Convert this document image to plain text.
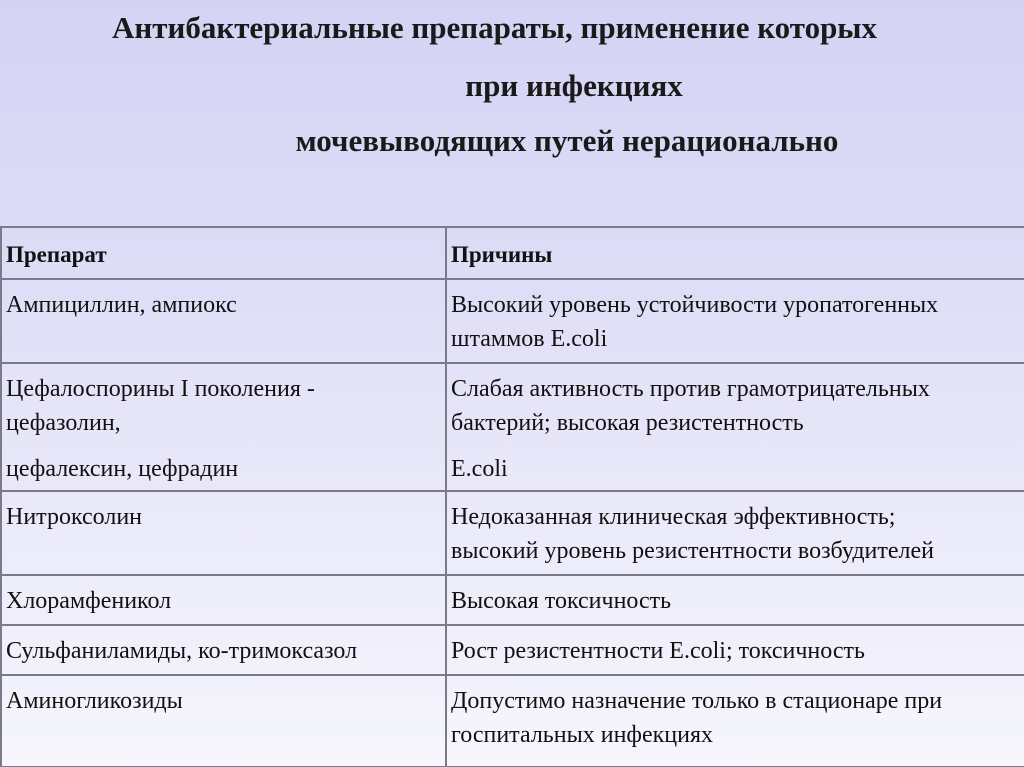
Антибактериальные препараты, применение которых
при инфекциях
мочевыводящих путей нерационально
Препарат	Причины

Ампициллин, ампиокс	Высокий уровень устойчивости уропатогенных
штаммов E.coli

Цефалоспорины I поколения -
цефазолин,
цефалексин, цефрадин	Слабая активность против грамотрицательных
бактерий; высокая резистентность
E.coli

Нитроксолин	Недоказанная клиническая эффективность;
высокий уровень резистентности возбудителей

Хлорамфеникол	Высокая токсичность

Сульфаниламиды, ко-тримоксазол	Рост резистентности E.coli; токсичность

Аминогликозиды	Допустимо назначение только в стационаре при
госпитальных инфекциях
